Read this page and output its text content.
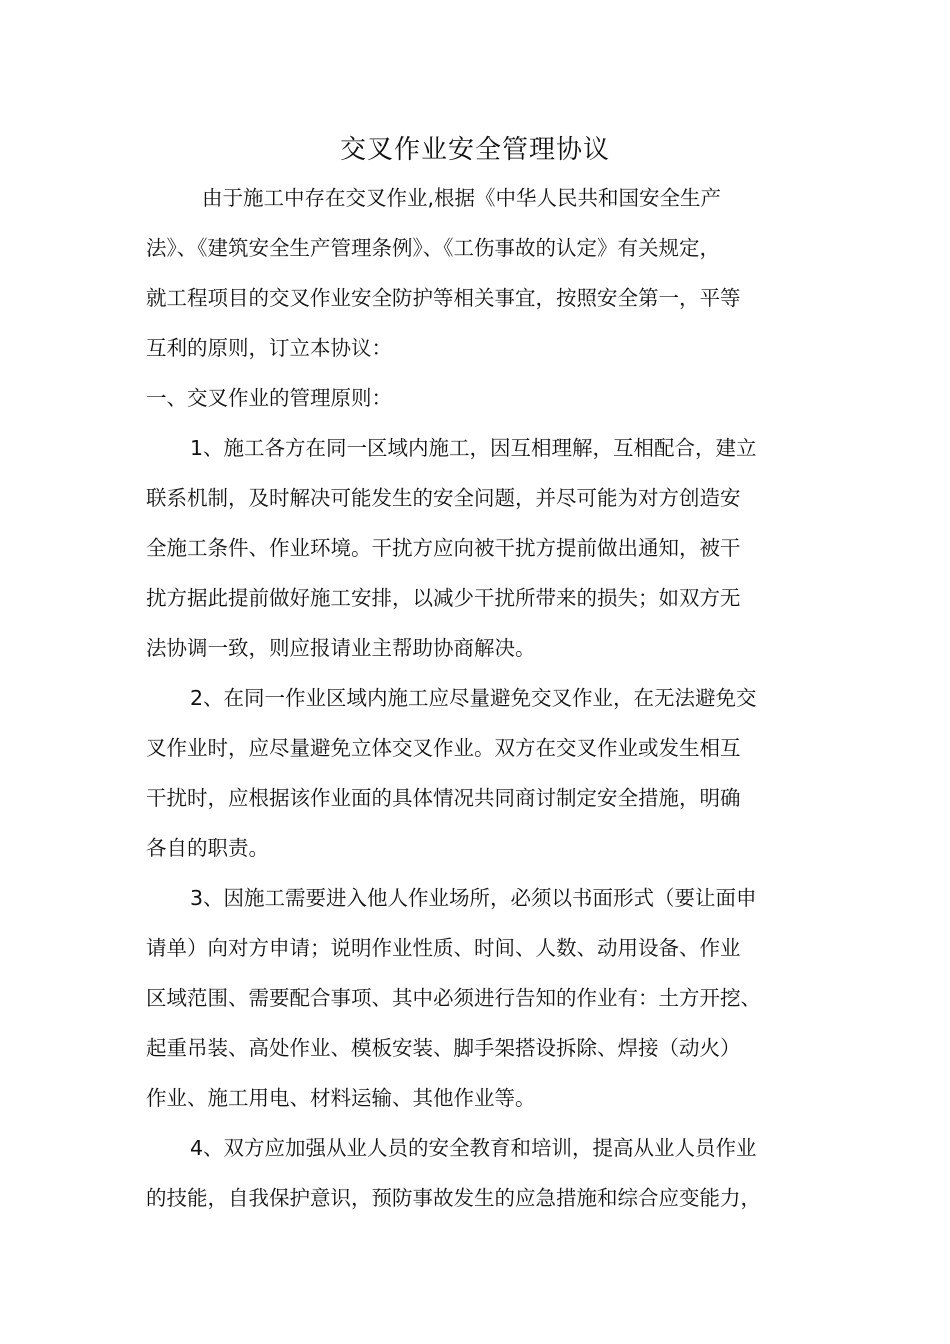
交叉作业安全管理协议
由于施工中存在交叉作业,根据《中华人民共和国安全生产
法》、《建筑安全生产管理条例》、《工伤事故的认定》有关规定，
就工程项目的交叉作业安全防护等相关事宜，按照安全第一，平等
互利的原则，订立本协议：
一、交叉作业的管理原则：
1、施工各方在同一区域内施工，因互相理解，互相配合，建立
联系机制，及时解决可能发生的安全问题，并尽可能为对方创造安
全施工条件、作业环境。干扰方应向被干扰方提前做出通知，被干
扰方据此提前做好施工安排，以减少干扰所带来的损失；如双方无
法协调一致，则应报请业主帮助协商解决。
2、在同一作业区域内施工应尽量避免交叉作业，在无法避免交
叉作业时，应尽量避免立体交叉作业。双方在交叉作业或发生相互
干扰时，应根据该作业面的具体情况共同商讨制定安全措施，明确
各自的职责。
3、因施工需要进入他人作业场所，必须以书面形式（要让面申
请单）向对方申请；说明作业性质、时间、人数、动用设备、作业
区域范围、需要配合事项、其中必须进行告知的作业有：土方开挖、
起重吊装、高处作业、模板安装、脚手架搭设拆除、焊接（动火）
作业、施工用电、材料运输、其他作业等。
4、双方应加强从业人员的安全教育和培训，提高从业人员作业
的技能，自我保护意识，预防事故发生的应急措施和综合应变能力，
